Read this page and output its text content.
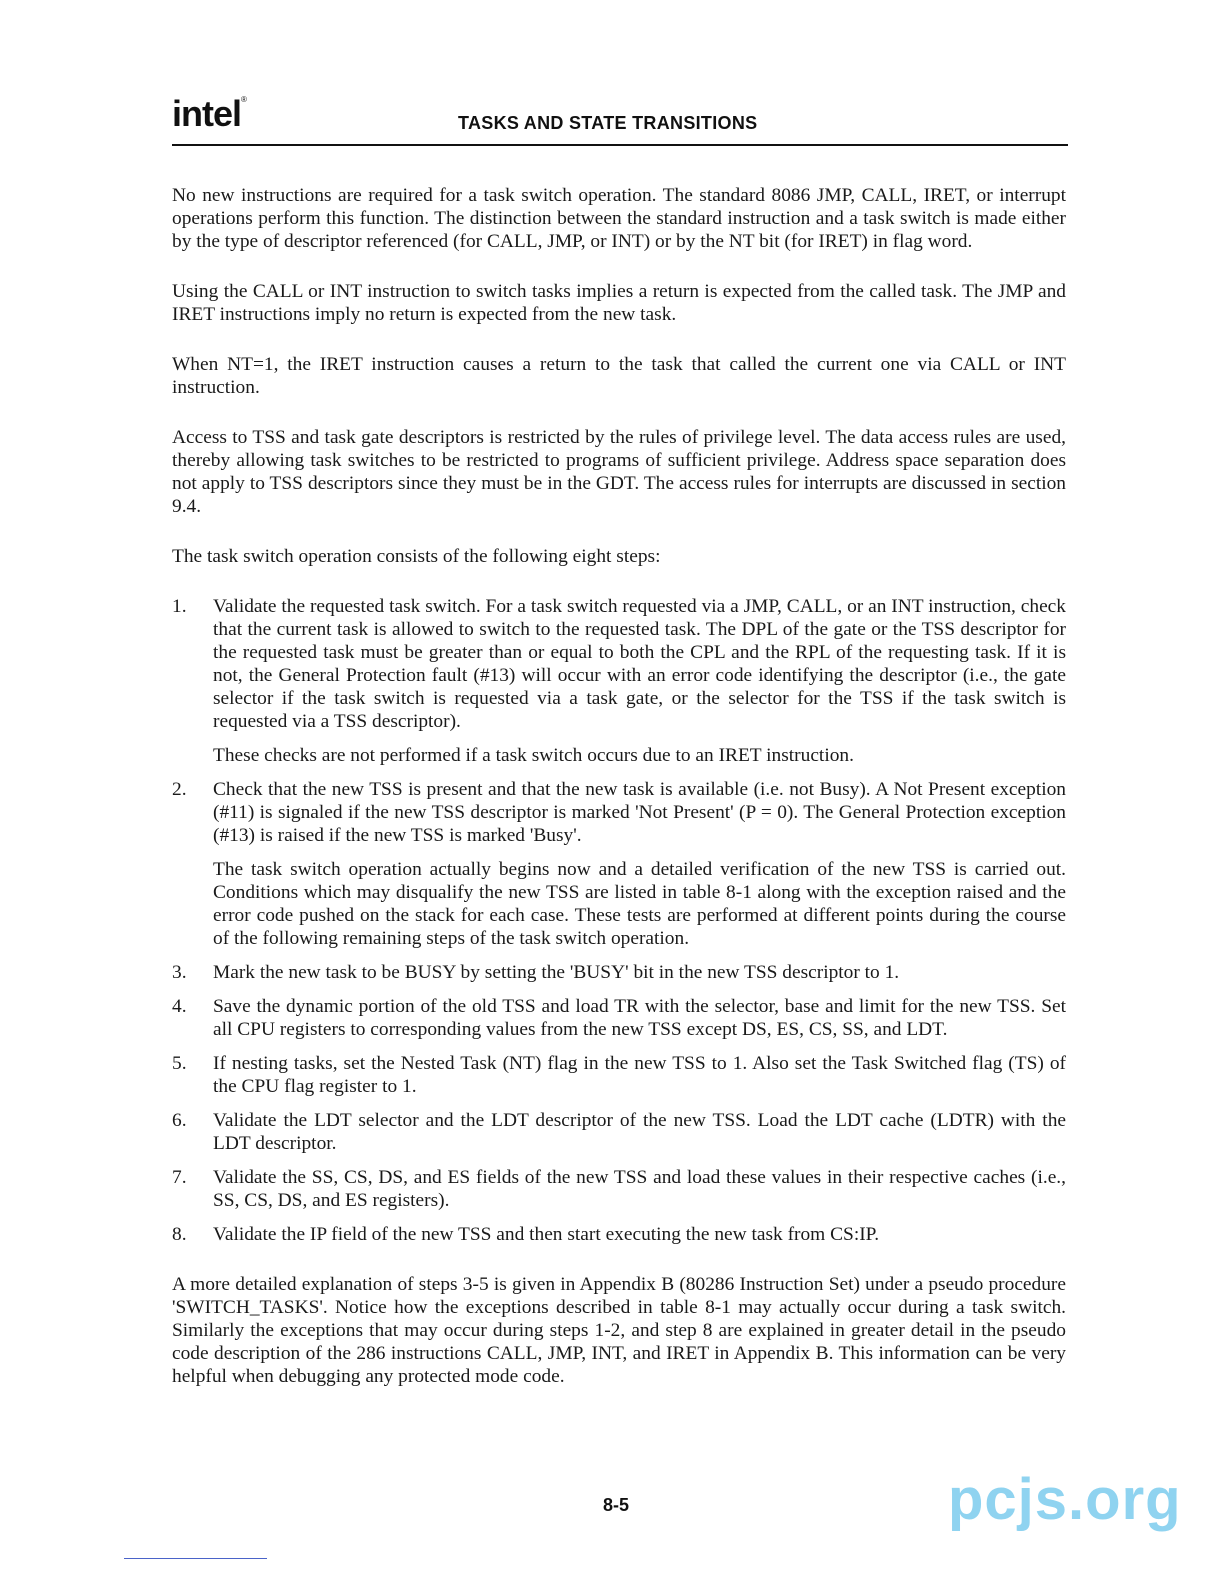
intel®
TASKS AND STATE TRANSITIONS

No new instructions are required for a task switch operation. The standard 8086 JMP, CALL, IRET, or interrupt operations perform this function. The distinction between the standard instruction and a task switch is made either by the type of descriptor referenced (for CALL, JMP, or INT) or by the NT bit (for IRET) in flag word.

Using the CALL or INT instruction to switch tasks implies a return is expected from the called task. The JMP and IRET instructions imply no return is expected from the new task.

When NT=1, the IRET instruction causes a return to the task that called the current one via CALL or INT instruction.

Access to TSS and task gate descriptors is restricted by the rules of privilege level. The data access rules are used, thereby allowing task switches to be restricted to programs of sufficient privilege. Address space separation does not apply to TSS descriptors since they must be in the GDT. The access rules for interrupts are discussed in section 9.4.

The task switch operation consists of the following eight steps:

1. Validate the requested task switch. For a task switch requested via a JMP, CALL, or an INT instruction, check that the current task is allowed to switch to the requested task. The DPL of the gate or the TSS descriptor for the requested task must be greater than or equal to both the CPL and the RPL of the requesting task. If it is not, the General Protection fault (#13) will occur with an error code identifying the descriptor (i.e., the gate selector if the task switch is requested via a task gate, or the selector for the TSS if the task switch is requested via a TSS descriptor).

These checks are not performed if a task switch occurs due to an IRET instruction.

2. Check that the new TSS is present and that the new task is available (i.e. not Busy). A Not Present exception (#11) is signaled if the new TSS descriptor is marked 'Not Present' (P = 0). The General Protection exception (#13) is raised if the new TSS is marked 'Busy'.

The task switch operation actually begins now and a detailed verification of the new TSS is carried out. Conditions which may disqualify the new TSS are listed in table 8-1 along with the exception raised and the error code pushed on the stack for each case. These tests are performed at different points during the course of the following remaining steps of the task switch operation.

3. Mark the new task to be BUSY by setting the 'BUSY' bit in the new TSS descriptor to 1.

4. Save the dynamic portion of the old TSS and load TR with the selector, base and limit for the new TSS. Set all CPU registers to corresponding values from the new TSS except DS, ES, CS, SS, and LDT.

5. If nesting tasks, set the Nested Task (NT) flag in the new TSS to 1. Also set the Task Switched flag (TS) of the CPU flag register to 1.

6. Validate the LDT selector and the LDT descriptor of the new TSS. Load the LDT cache (LDTR) with the LDT descriptor.

7. Validate the SS, CS, DS, and ES fields of the new TSS and load these values in their respective caches (i.e., SS, CS, DS, and ES registers).

8. Validate the IP field of the new TSS and then start executing the new task from CS:IP.

A more detailed explanation of steps 3-5 is given in Appendix B (80286 Instruction Set) under a pseudo procedure 'SWITCH_TASKS'. Notice how the exceptions described in table 8-1 may actually occur during a task switch. Similarly the exceptions that may occur during steps 1-2, and step 8 are explained in greater detail in the pseudo code description of the 286 instructions CALL, JMP, INT, and IRET in Appendix B. This information can be very helpful when debugging any protected mode code.

8-5	pcjs.org
